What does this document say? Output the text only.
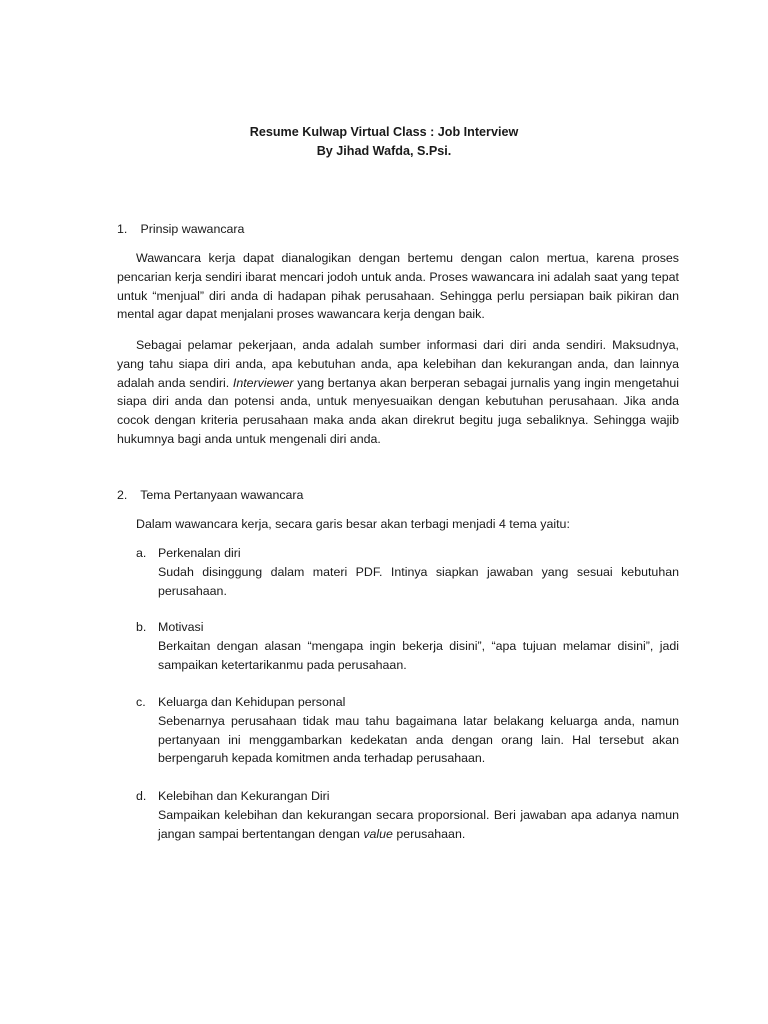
Resume Kulwap Virtual Class : Job Interview
By Jihad Wafda, S.Psi.
1. Prinsip wawancara
Wawancara kerja dapat dianalogikan dengan bertemu dengan calon mertua, karena proses pencarian kerja sendiri ibarat mencari jodoh untuk anda. Proses wawancara ini adalah saat yang tepat untuk “menjual” diri anda di hadapan pihak perusahaan. Sehingga perlu persiapan baik pikiran dan mental agar dapat menjalani proses wawancara kerja dengan baik.
Sebagai pelamar pekerjaan, anda adalah sumber informasi dari diri anda sendiri. Maksudnya, yang tahu siapa diri anda, apa kebutuhan anda, apa kelebihan dan kekurangan anda, dan lainnya adalah anda sendiri. Interviewer yang bertanya akan berperan sebagai jurnalis yang ingin mengetahui siapa diri anda dan potensi anda, untuk menyesuaikan dengan kebutuhan perusahaan. Jika anda cocok dengan kriteria perusahaan maka anda akan direkrut begitu juga sebaliknya. Sehingga wajib hukumnya bagi anda untuk mengenali diri anda.
2. Tema Pertanyaan wawancara
Dalam wawancara kerja, secara garis besar akan terbagi menjadi 4 tema yaitu:
a. Perkenalan diri
Sudah disinggung dalam materi PDF. Intinya siapkan jawaban yang sesuai kebutuhan perusahaan.
b. Motivasi
Berkaitan dengan alasan “mengapa ingin bekerja disini”, “apa tujuan melamar disini”, jadi sampaikan ketertarikanmu pada perusahaan.
c. Keluarga dan Kehidupan personal
Sebenarnya perusahaan tidak mau tahu bagaimana latar belakang keluarga anda, namun pertanyaan ini menggambarkan kedekatan anda dengan orang lain. Hal tersebut akan berpengaruh kepada komitmen anda terhadap perusahaan.
d. Kelebihan dan Kekurangan Diri
Sampaikan kelebihan dan kekurangan secara proporsional. Beri jawaban apa adanya namun jangan sampai bertentangan dengan value perusahaan.
